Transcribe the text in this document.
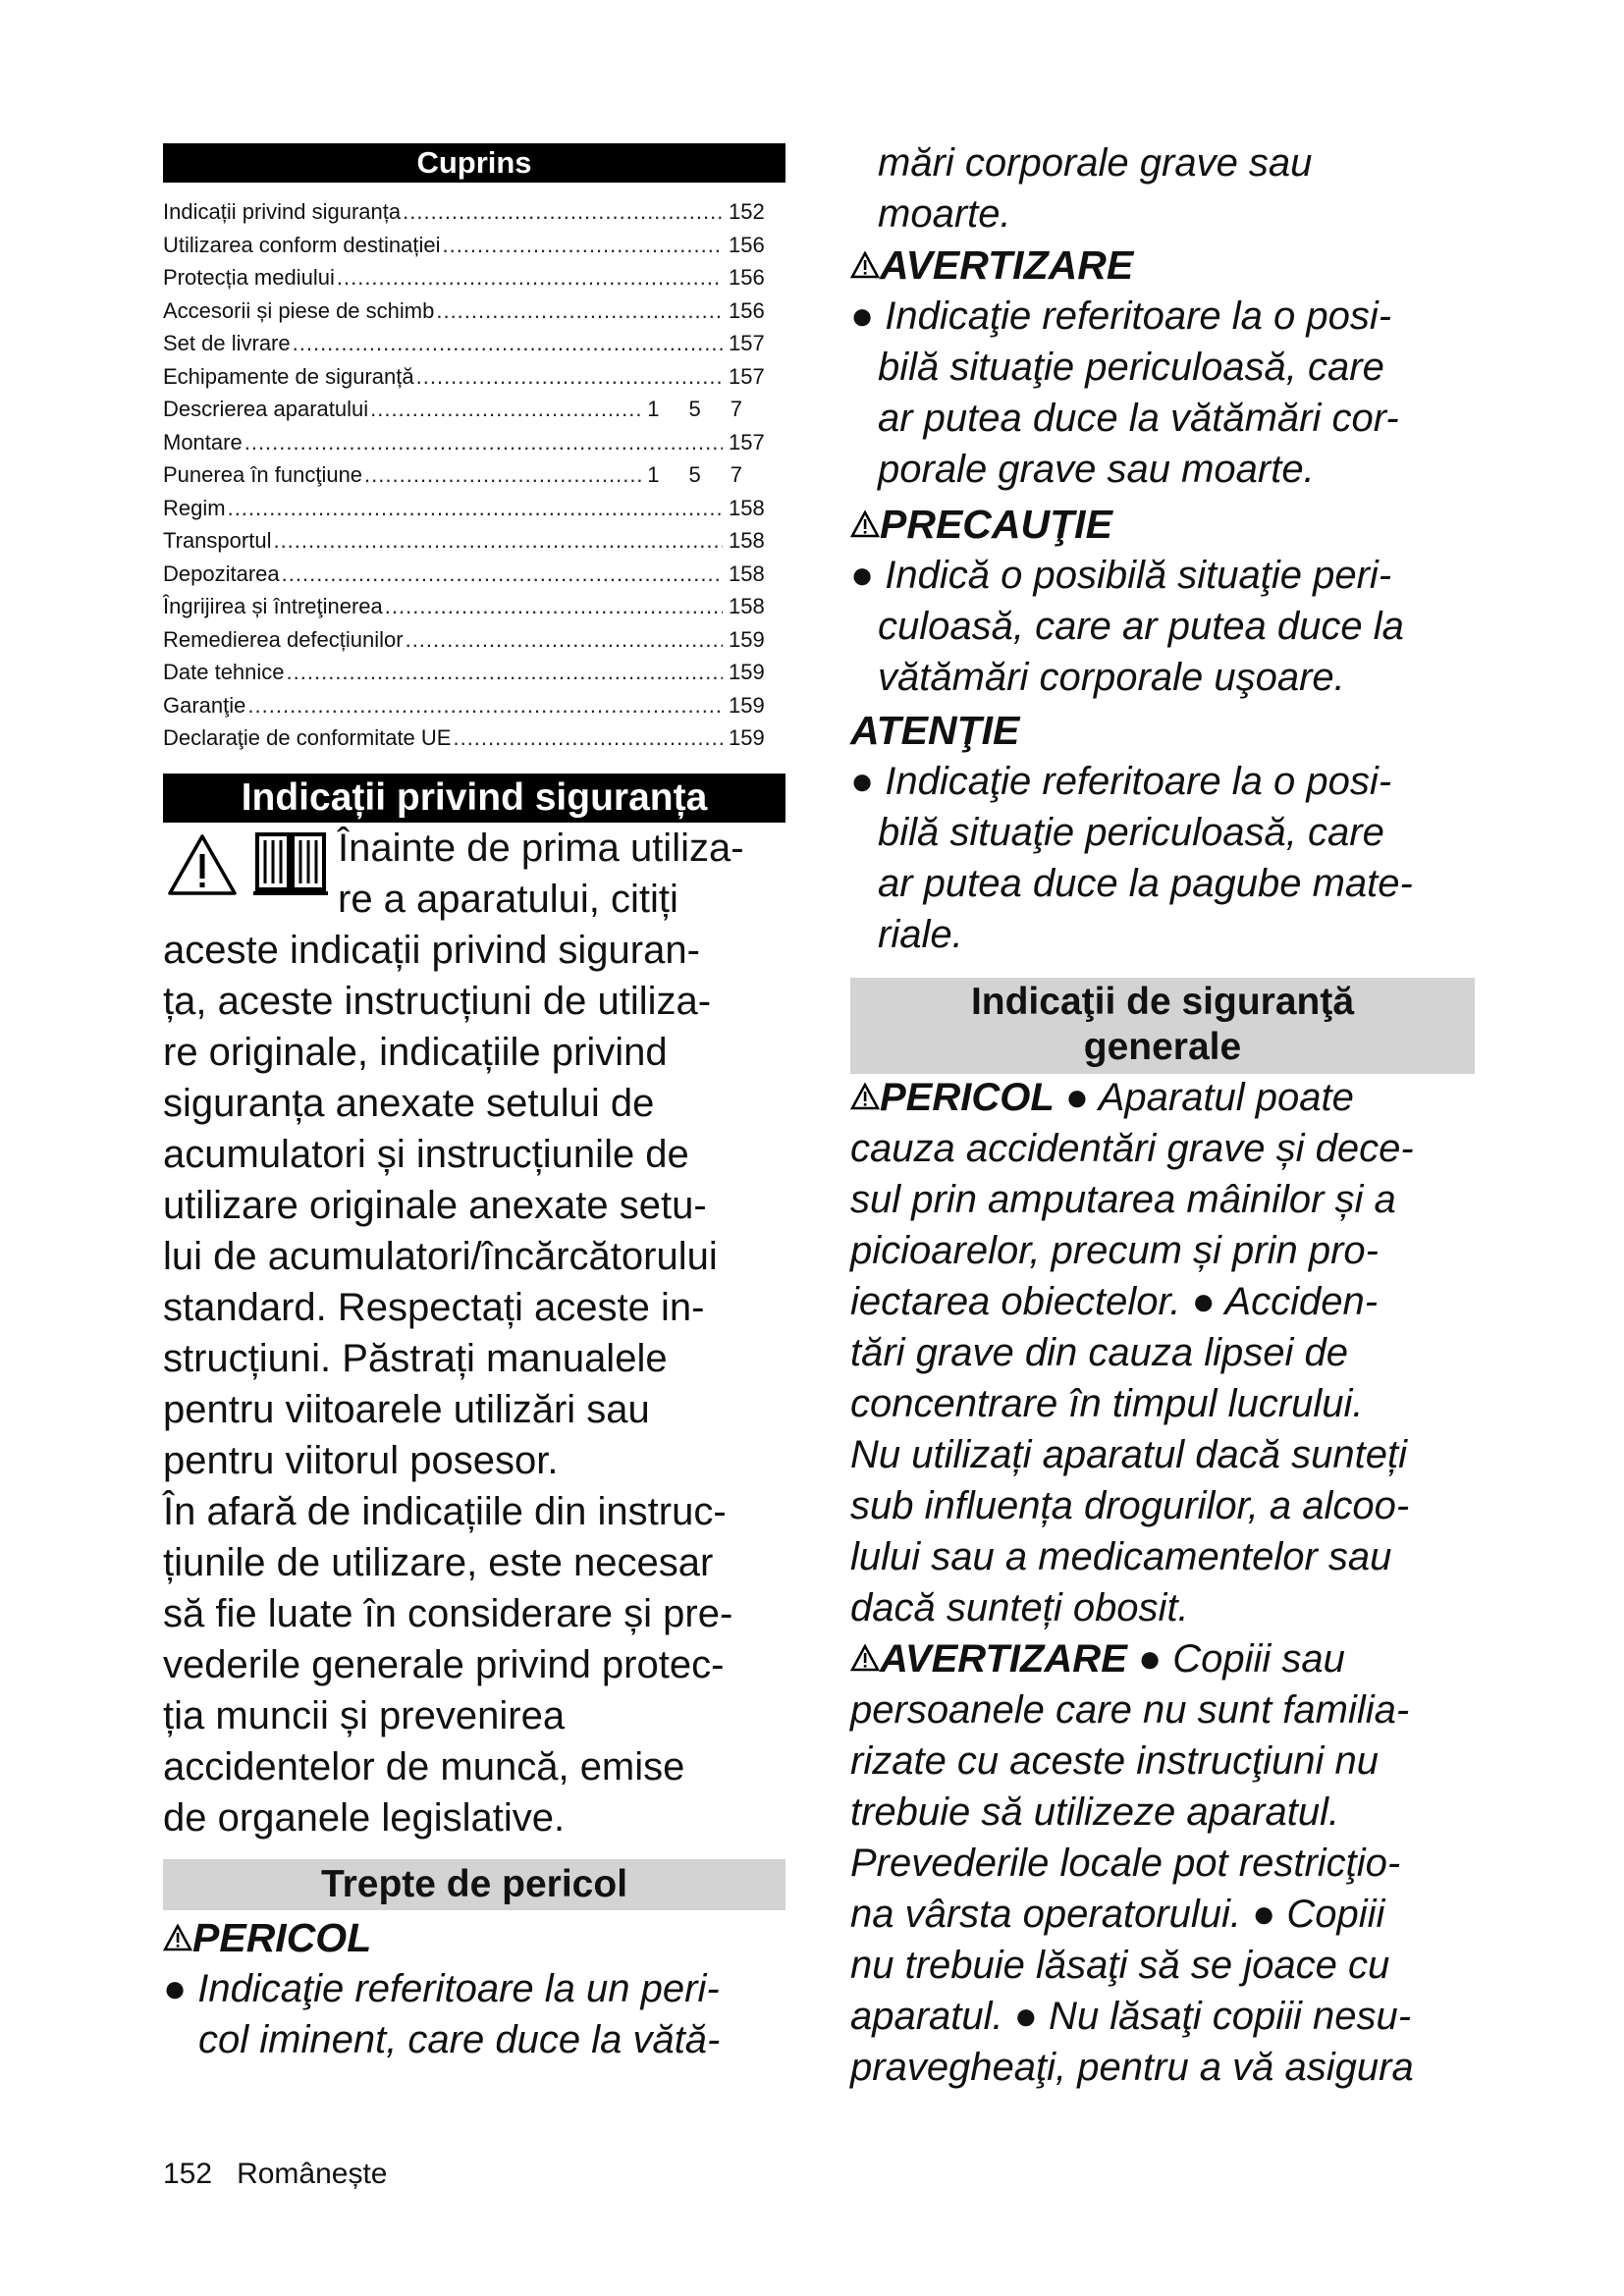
Cuprins
Indicații privind siguranța .....	152
Utilizarea conform destinației .....	156
Protecția mediului .....	156
Accesorii și piese de schimb .....	156
Set de livrare .....	157
Echipamente de siguranță .....	157
Descrierea aparatului .....	157
Montare .....	157
Punerea în funcţiune .....	157
Regim .....	158
Transportul .....	158
Depozitarea .....	158
Îngrijirea și întreţinerea .....	158
Remedierea defecțiunilor .....	159
Date tehnice .....	159
Garanţie .....	159
Declaraţie de conformitate UE .....	159
Indicații privind siguranța
Înainte de prima utiliza-
re a aparatului, citiți
aceste indicații privind siguran-
ța, aceste instrucțiuni de utiliza-
re originale, indicațiile privind
siguranța anexate setului de
acumulatori și instrucțiunile de
utilizare originale anexate setu-
lui de acumulatori/încărcătorului
standard. Respectați aceste in-
strucțiuni. Păstrați manualele
pentru viitoarele utilizări sau
pentru viitorul posesor.
În afară de indicațiile din instruc-
țiunile de utilizare, este necesar
să fie luate în considerare și pre-
vederile generale privind protec-
ția muncii și prevenirea
accidentelor de muncă, emise
de organele legislative.
Trepte de pericol
PERICOL
● Indicaţie referitoare la un peri-
col iminent, care duce la vătă-
mări corporale grave sau
moarte.
AVERTIZARE
● Indicaţie referitoare la o posi-
bilă situaţie periculoasă, care
ar putea duce la vătămări cor-
porale grave sau moarte.
PRECAUŢIE
● Indică o posibilă situaţie peri-
culoasă, care ar putea duce la
vătămări corporale uşoare.
ATENŢIE
● Indicaţie referitoare la o posi-
bilă situaţie periculoasă, care
ar putea duce la pagube mate-
riale.
Indicaţii de siguranţă
generale
PERICOL ● Aparatul poate
cauza accidentări grave și dece-
sul prin amputarea mâinilor și a
picioarelor, precum și prin pro-
iectarea obiectelor. ● Acciden-
tări grave din cauza lipsei de
concentrare în timpul lucrului.
Nu utilizați aparatul dacă sunteți
sub influența drogurilor, a alcoo-
lului sau a medicamentelor sau
dacă sunteți obosit.
AVERTIZARE ● Copiii sau
persoanele care nu sunt familia-
rizate cu aceste instrucţiuni nu
trebuie să utilizeze aparatul.
Prevederile locale pot restricţio-
na vârsta operatorului. ● Copiii
nu trebuie lăsaţi să se joace cu
aparatul. ● Nu lăsaţi copiii nesu-
pravegheaţi, pentru a vă asigura
152 Românește
